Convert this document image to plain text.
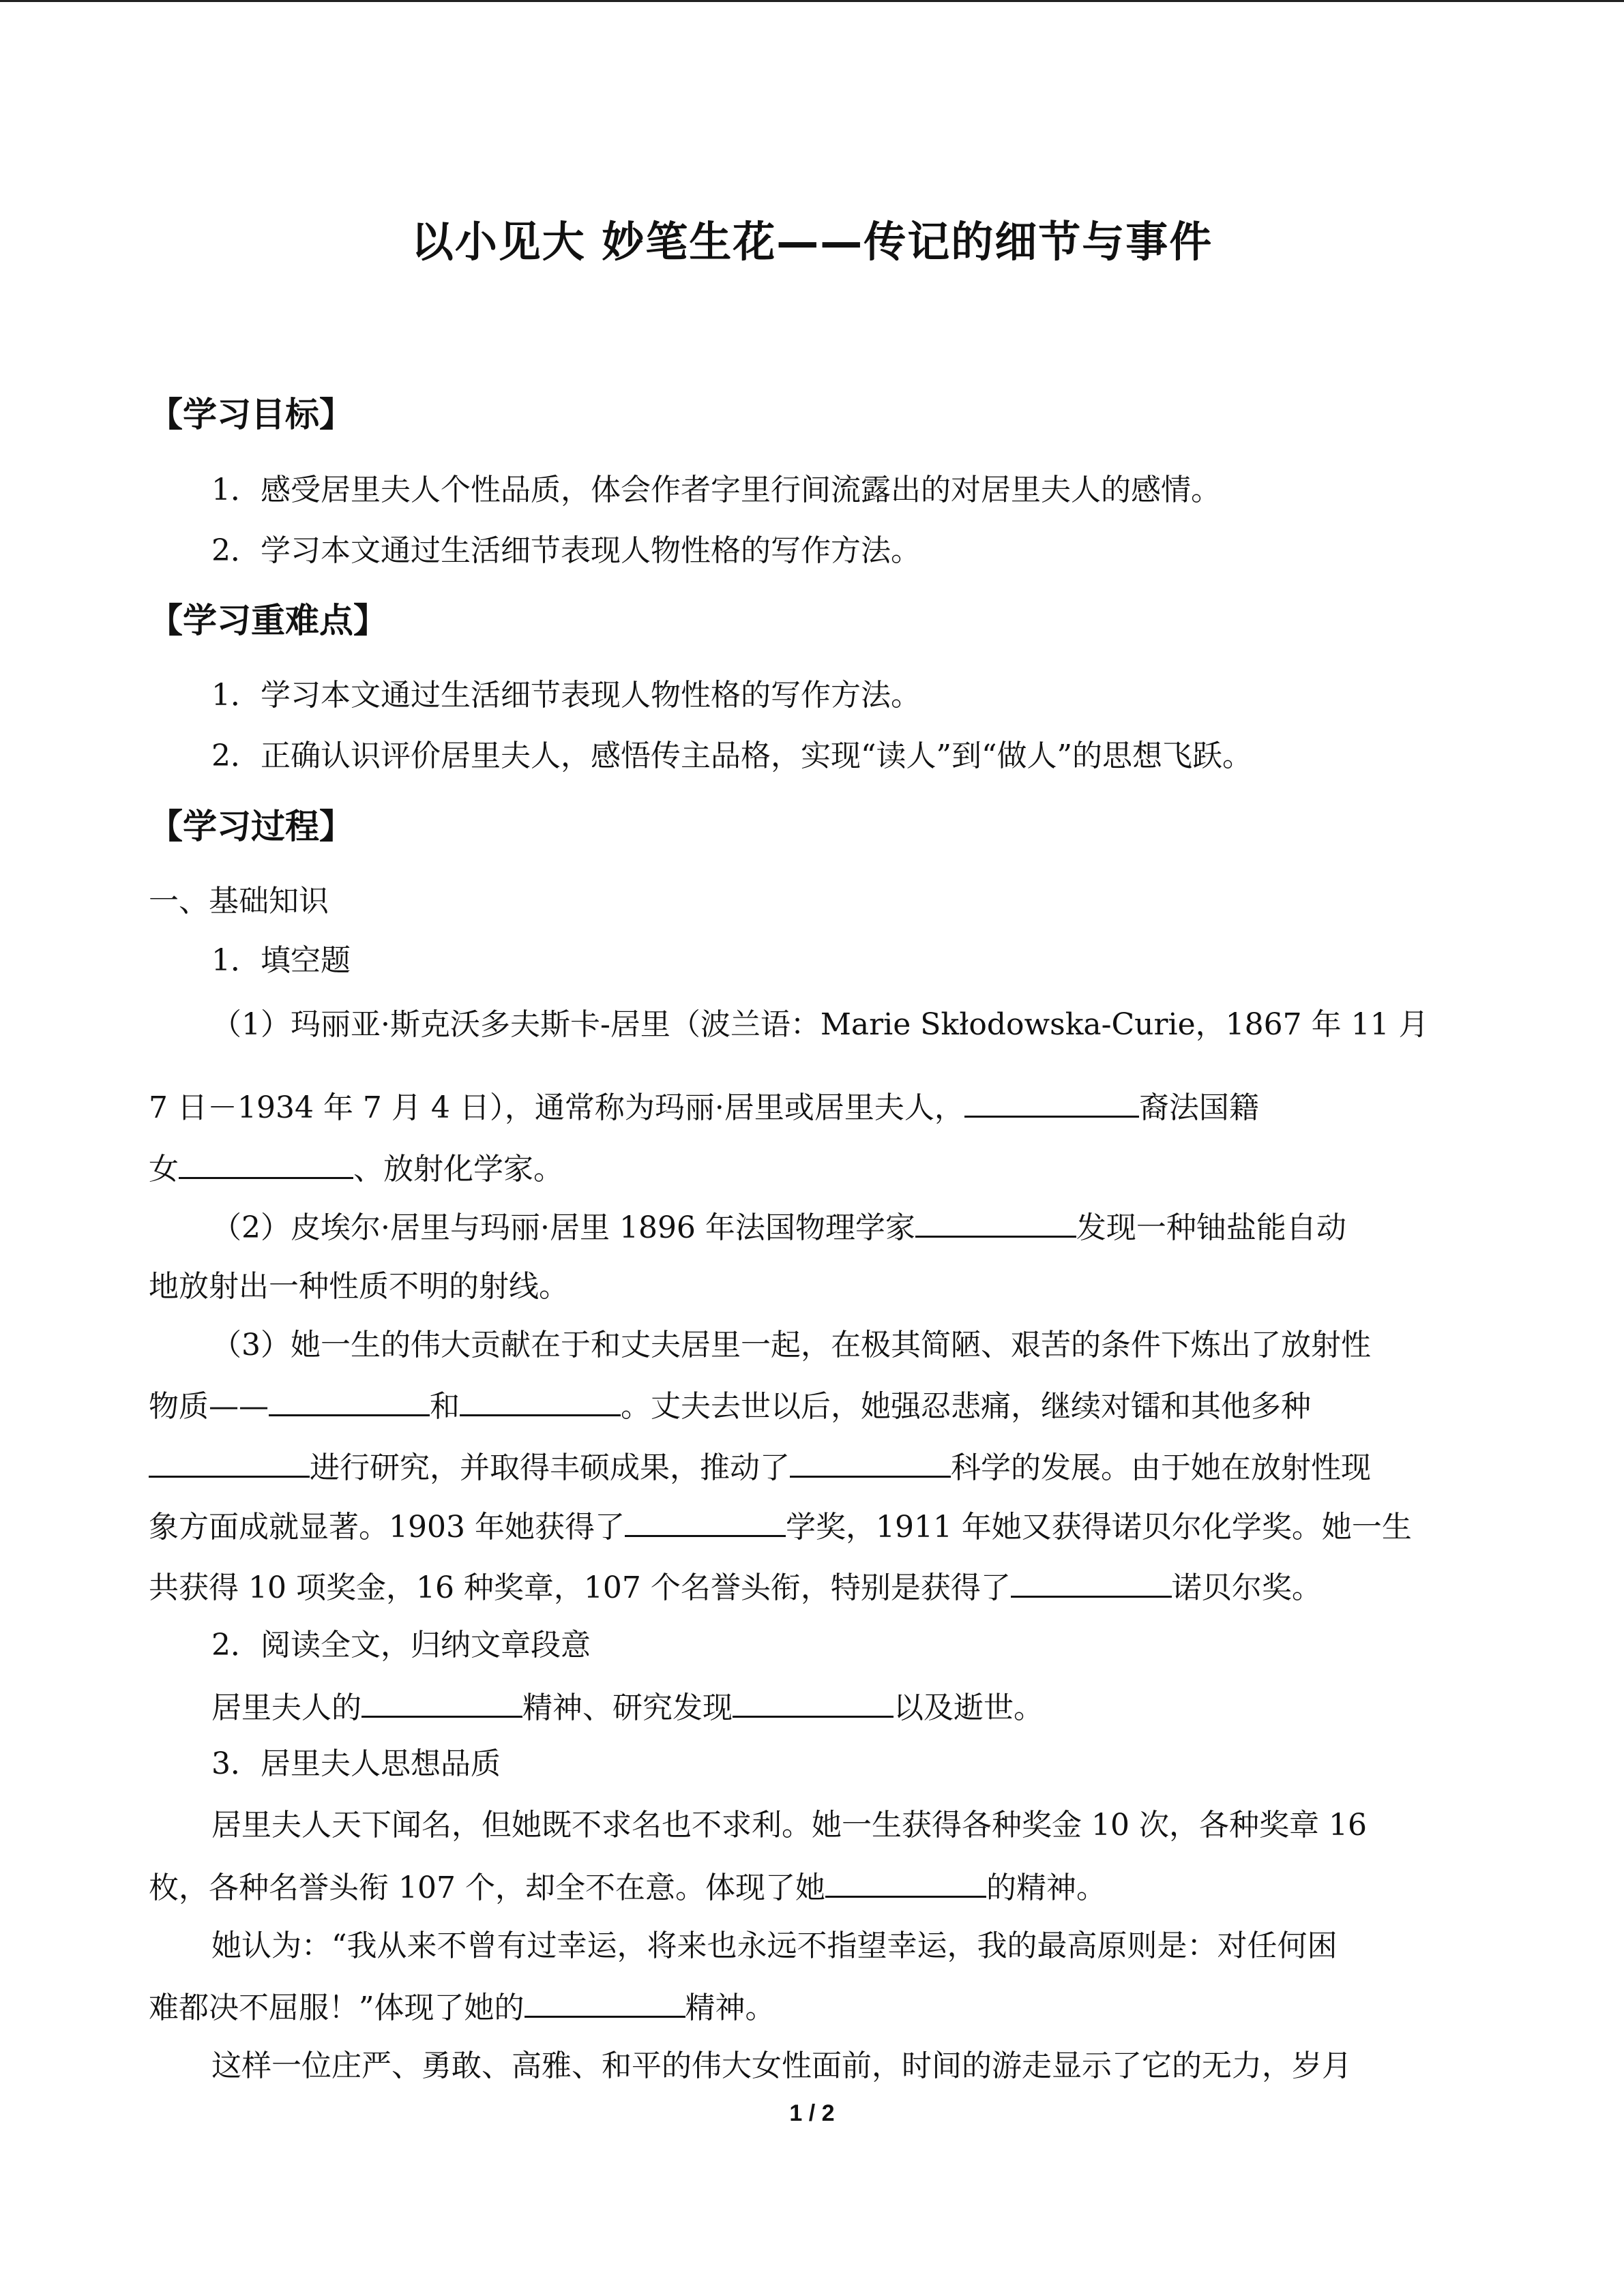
以小见大 妙笔生花——传记的细节与事件
【学习目标】
1．感受居里夫人个性品质，体会作者字里行间流露出的对居里夫人的感情。
2．学习本文通过生活细节表现人物性格的写作方法。
【学习重难点】
1．学习本文通过生活细节表现人物性格的写作方法。
2．正确认识评价居里夫人，感悟传主品格，实现“读人”到“做人”的思想飞跃。
【学习过程】
一、基础知识
1．填空题
（1）玛丽亚·斯克沃多夫斯卡-居里（波兰语：Marie Skłodowska-Curie，1867 年 11 月
7 日－1934 年 7 月 4 日），通常称为玛丽·居里或居里夫人，	裔法国籍
女	、放射化学家。
（2）皮埃尔·居里与玛丽·居里 1896 年法国物理学家	发现一种铀盐能自动
地放射出一种性质不明的射线。
（3）她一生的伟大贡献在于和丈夫居里一起，在极其简陋、艰苦的条件下炼出了放射性
物质——	和	。丈夫去世以后，她强忍悲痛，继续对镭和其他多种
进行研究，并取得丰硕成果，推动了	科学的发展。由于她在放射性现
象方面成就显著。1903 年她获得了	学奖，1911 年她又获得诺贝尔化学奖。她一生
共获得 10 项奖金，16 种奖章，107 个名誉头衔，特别是获得了	诺贝尔奖。
2．阅读全文，归纳文章段意
居里夫人的	精神、研究发现	以及逝世。
3．居里夫人思想品质
居里夫人天下闻名，但她既不求名也不求利。她一生获得各种奖金 10 次，各种奖章 16
枚，各种名誉头衔 107 个，却全不在意。体现了她	的精神。
她认为：“我从来不曾有过幸运，将来也永远不指望幸运，我的最高原则是：对任何困
难都决不屈服！”体现了她的	精神。
这样一位庄严、勇敢、高雅、和平的伟大女性面前，时间的游走显示了它的无力，岁月
1 / 2
